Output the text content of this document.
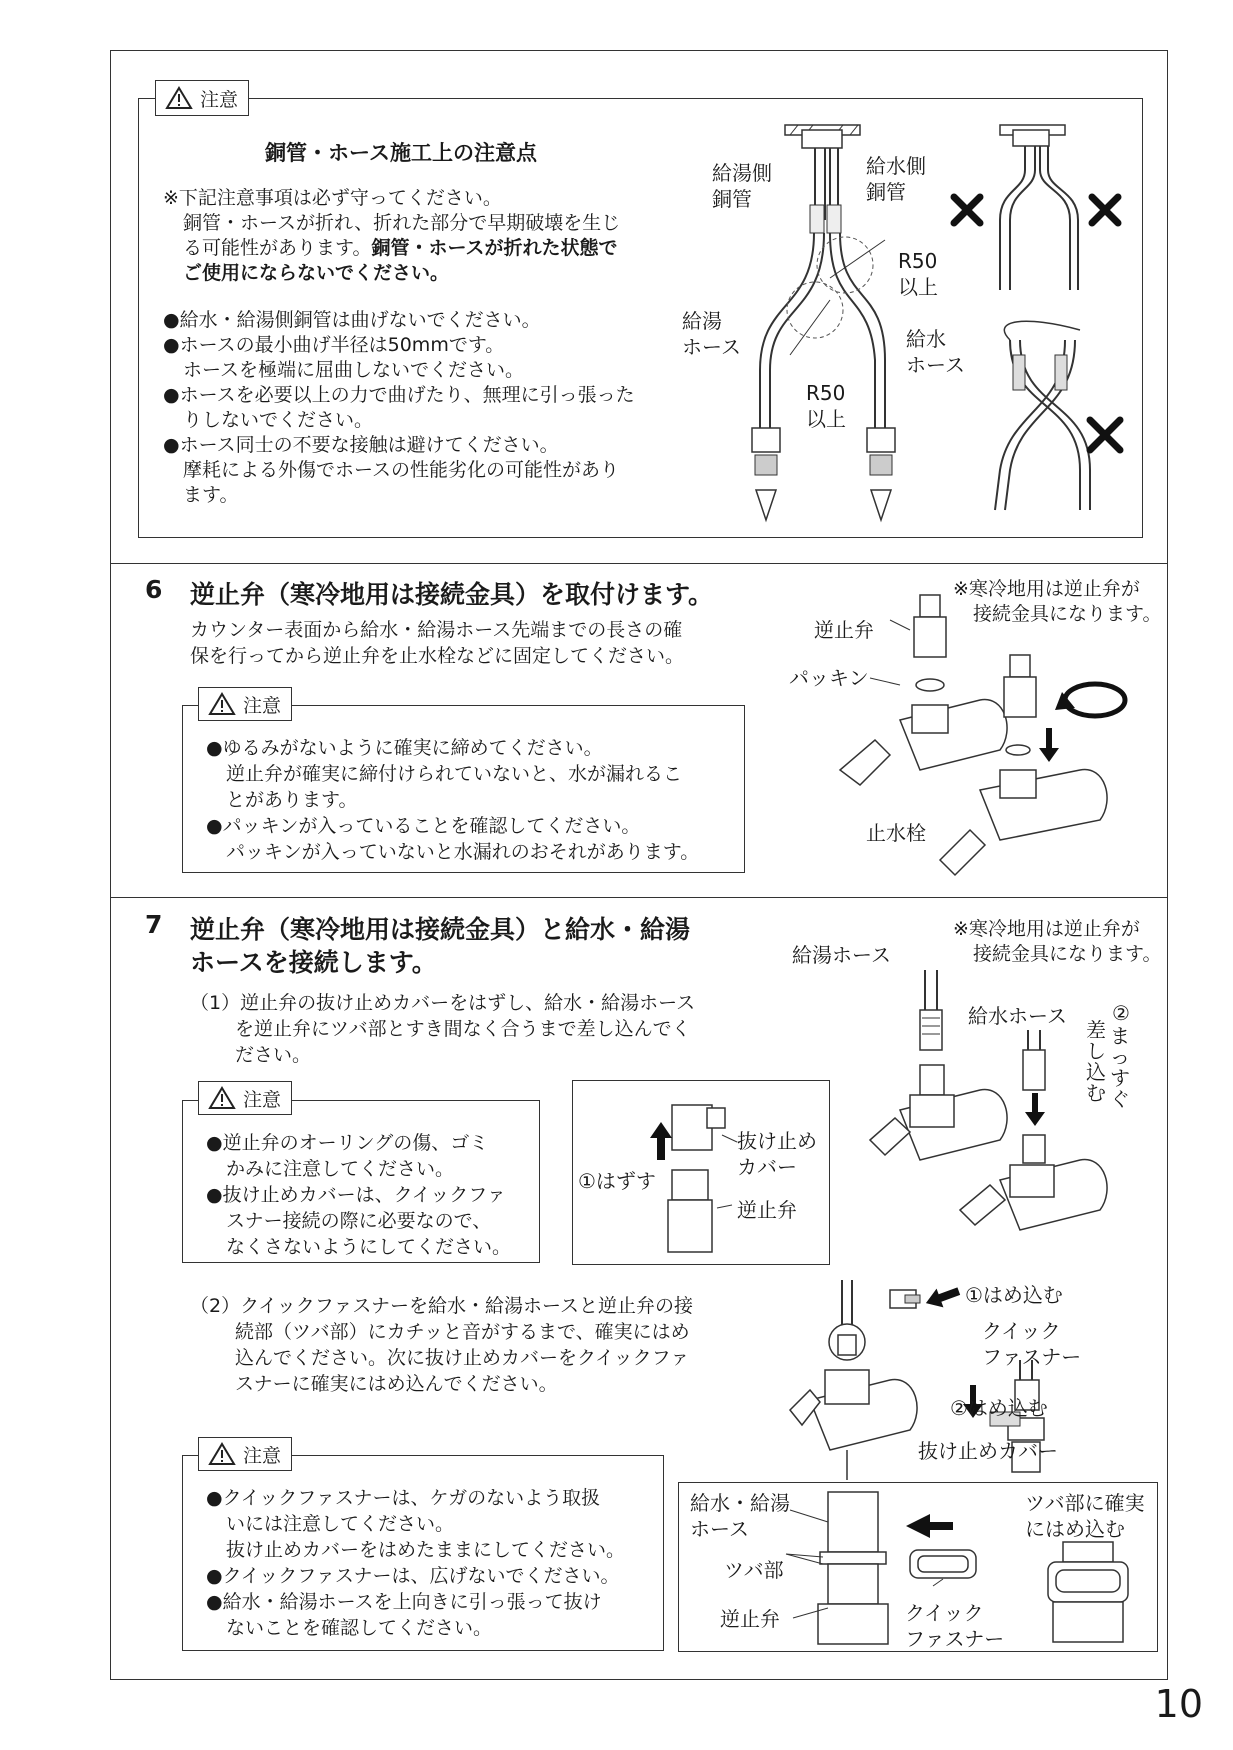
注意
銅管・ホース施工上の注意点
※下記注意事項は必ず守ってください。
銅管・ホースが折れ、折れた部分で早期破壊を生じ
る可能性があります。銅管・ホースが折れた状態で
ご使用にならないでください。
●給水・給湯側銅管は曲げないでください。
●ホースの最小曲げ半径は50mmです。
ホースを極端に屈曲しないでください。
●ホースを必要以上の力で曲げたり、無理に引っ張った
りしないでください。
●ホース同士の不要な接触は避けてください。
摩耗による外傷でホースの性能劣化の可能性があり
ます。
給湯側
銅管
給水側
銅管
R50
以上
給湯
ホース	給水
ホース
R50
以上
6 逆止弁（寒冷地用は接続金具）を取付けます。
カウンター表面から給水・給湯ホース先端までの長さの確
保を行ってから逆止弁を止水栓などに固定してください。
注意
●ゆるみがないように確実に締めてください。
逆止弁が確実に締付けられていないと、水が漏れるこ
とがあります。
●パッキンが入っていることを確認してください。
パッキンが入っていないと水漏れのおそれがあります。
※寒冷地用は逆止弁が
接続金具になります。
逆止弁
パッキン
止水栓
7 逆止弁（寒冷地用は接続金具）と給水・給湯
ホースを接続します。
（1）逆止弁の抜け止めカバーをはずし、給水・給湯ホース
を逆止弁にツバ部とすき間なく合うまで差し込んでく
ださい。
注意
●逆止弁のオーリングの傷、ゴミ
かみに注意してください。
●抜け止めカバーは、クイックファ
スナー接続の際に必要なので、
なくさないようにしてください。
抜け止め
カバー
①はずす
逆止弁
※寒冷地用は逆止弁が
接続金具になります。
給湯ホース
給水ホース ②
差し込む
まっすぐ
（2）クイックファスナーを給水・給湯ホースと逆止弁の接
続部（ツバ部）にカチッと音がするまで、確実にはめ
込んでください。次に抜け止めカバーをクイックファ
スナーに確実にはめ込んでください。
①はめ込む
クイック
ファスナー
②はめ込む
抜け止めカバー
注意
●クイックファスナーは、ケガのないよう取扱
いには注意してください。
抜け止めカバーをはめたままにしてください。
●クイックファスナーは、広げないでください。
●給水・給湯ホースを上向きに引っ張って抜け
ないことを確認してください。
給水・給湯
ホース
ツバ部
逆止弁	クイック
ファスナー
ツバ部に確実
にはめ込む
10
